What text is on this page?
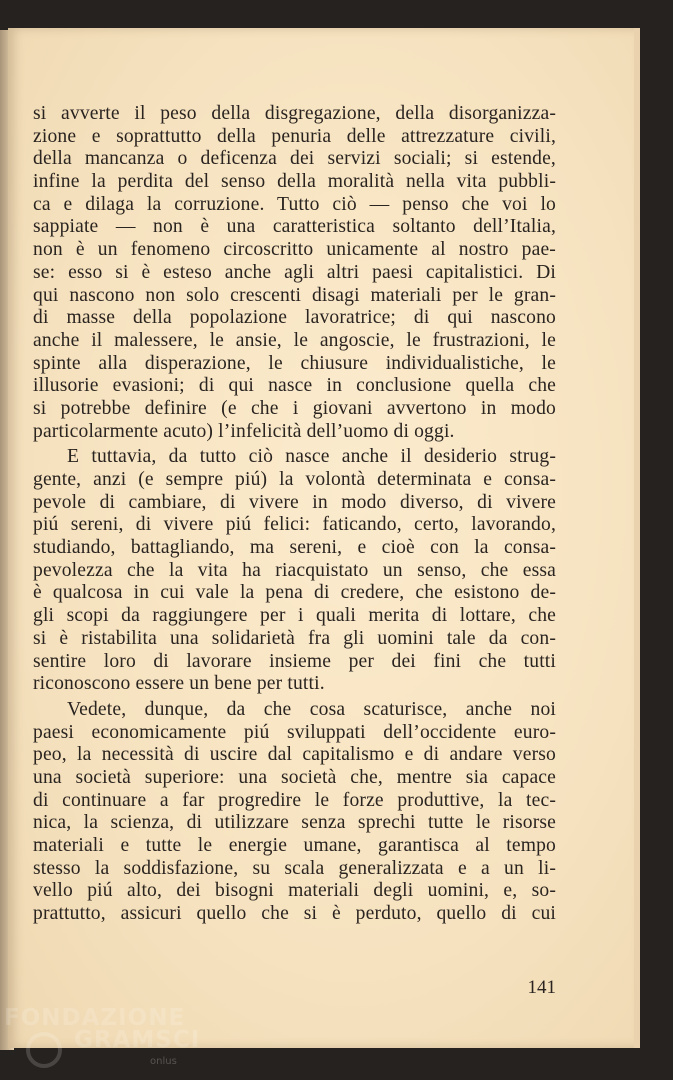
si avverte il peso della disgregazione, della disorganizza-
zione e soprattutto della penuria delle attrezzature civili,
della mancanza o deficenza dei servizi sociali; si estende,
infine la perdita del senso della moralità nella vita pubbli-
ca e dilaga la corruzione. Tutto ciò — penso che voi lo
sappiate — non è una caratteristica soltanto dell’Italia,
non è un fenomeno circoscritto unicamente al nostro pae-
se: esso si è esteso anche agli altri paesi capitalistici. Di
qui nascono non solo crescenti disagi materiali per le gran-
di masse della popolazione lavoratrice; di qui nascono
anche il malessere, le ansie, le angoscie, le frustrazioni, le
spinte alla disperazione, le chiusure individualistiche, le
illusorie evasioni; di qui nasce in conclusione quella che
si potrebbe definire (e che i giovani avvertono in modo
particolarmente acuto) l’infelicità dell’uomo di oggi.
E tuttavia, da tutto ciò nasce anche il desiderio strug-
gente, anzi (e sempre piú) la volontà determinata e consa-
pevole di cambiare, di vivere in modo diverso, di vivere
piú sereni, di vivere piú felici: faticando, certo, lavorando,
studiando, battagliando, ma sereni, e cioè con la consa-
pevolezza che la vita ha riacquistato un senso, che essa
è qualcosa in cui vale la pena di credere, che esistono de-
gli scopi da raggiungere per i quali merita di lottare, che
si è ristabilita una solidarietà fra gli uomini tale da con-
sentire loro di lavorare insieme per dei fini che tutti
riconoscono essere un bene per tutti.
Vedete, dunque, da che cosa scaturisce, anche noi
paesi economicamente piú sviluppati dell’occidente euro-
peo, la necessità di uscire dal capitalismo e di andare verso
una società superiore: una società che, mentre sia capace
di continuare a far progredire le forze produttive, la tec-
nica, la scienza, di utilizzare senza sprechi tutte le risorse
materiali e tutte le energie umane, garantisca al tempo
stesso la soddisfazione, su scala generalizzata e a un li-
vello piú alto, dei bisogni materiali degli uomini, e, so-
prattutto, assicuri quello che si è perduto, quello di cui
141
FONDAZIONE
GRAMSCI
onlus
